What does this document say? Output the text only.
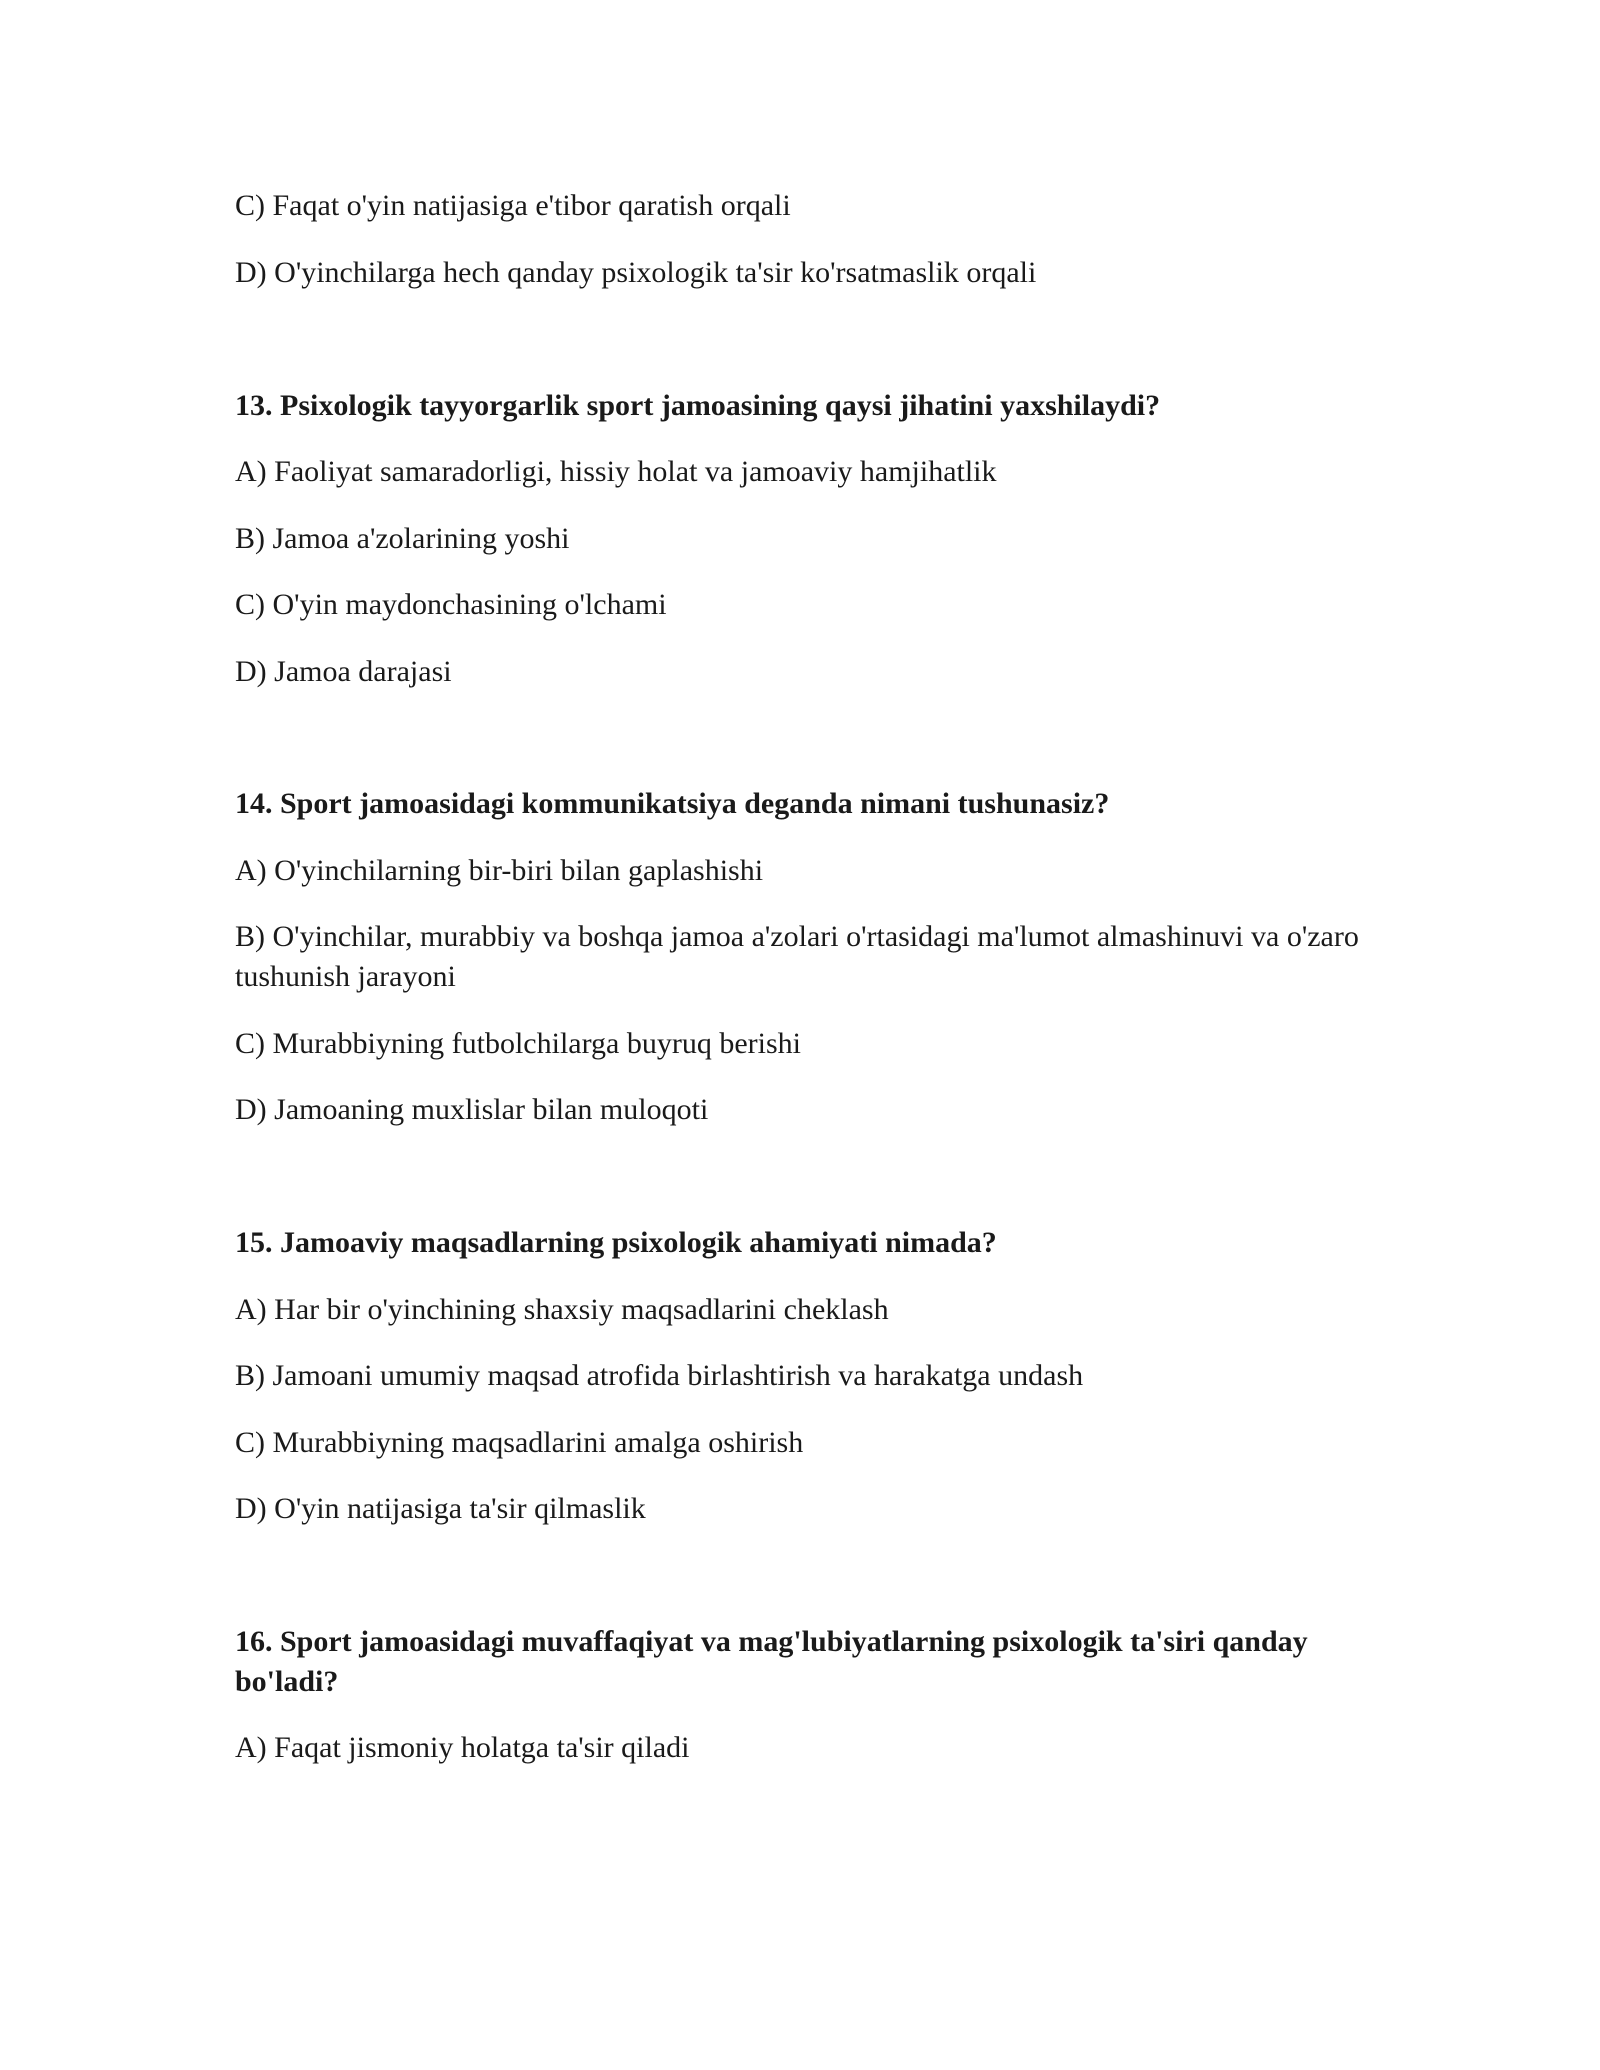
C) Faqat o'yin natijasiga e'tibor qaratish orqali
D) O'yinchilarga hech qanday psixologik ta'sir ko'rsatmaslik orqali
13. Psixologik tayyorgarlik sport jamoasining qaysi jihatini yaxshilaydi?
A) Faoliyat samaradorligi, hissiy holat va jamoaviy hamjihatlik
B) Jamoa a'zolarining yoshi
C) O'yin maydonchasining o'lchami
D) Jamoa darajasi
14. Sport jamoasidagi kommunikatsiya deganda nimani tushunasiz?
A) O'yinchilarning bir-biri bilan gaplashishi
B) O'yinchilar, murabbiy va boshqa jamoa a'zolari o'rtasidagi ma'lumot almashinuvi va o'zaro tushunish jarayoni
C) Murabbiyning futbolchilarga buyruq berishi
D) Jamoaning muxlislar bilan muloqoti
15. Jamoaviy maqsadlarning psixologik ahamiyati nimada?
A) Har bir o'yinchining shaxsiy maqsadlarini cheklash
B) Jamoani umumiy maqsad atrofida birlashtirish va harakatga undash
C) Murabbiyning maqsadlarini amalga oshirish
D) O'yin natijasiga ta'sir qilmaslik
16. Sport jamoasidagi muvaffaqiyat va mag'lubiyatlarning psixologik ta'siri qanday bo'ladi?
A) Faqat jismoniy holatga ta'sir qiladi
